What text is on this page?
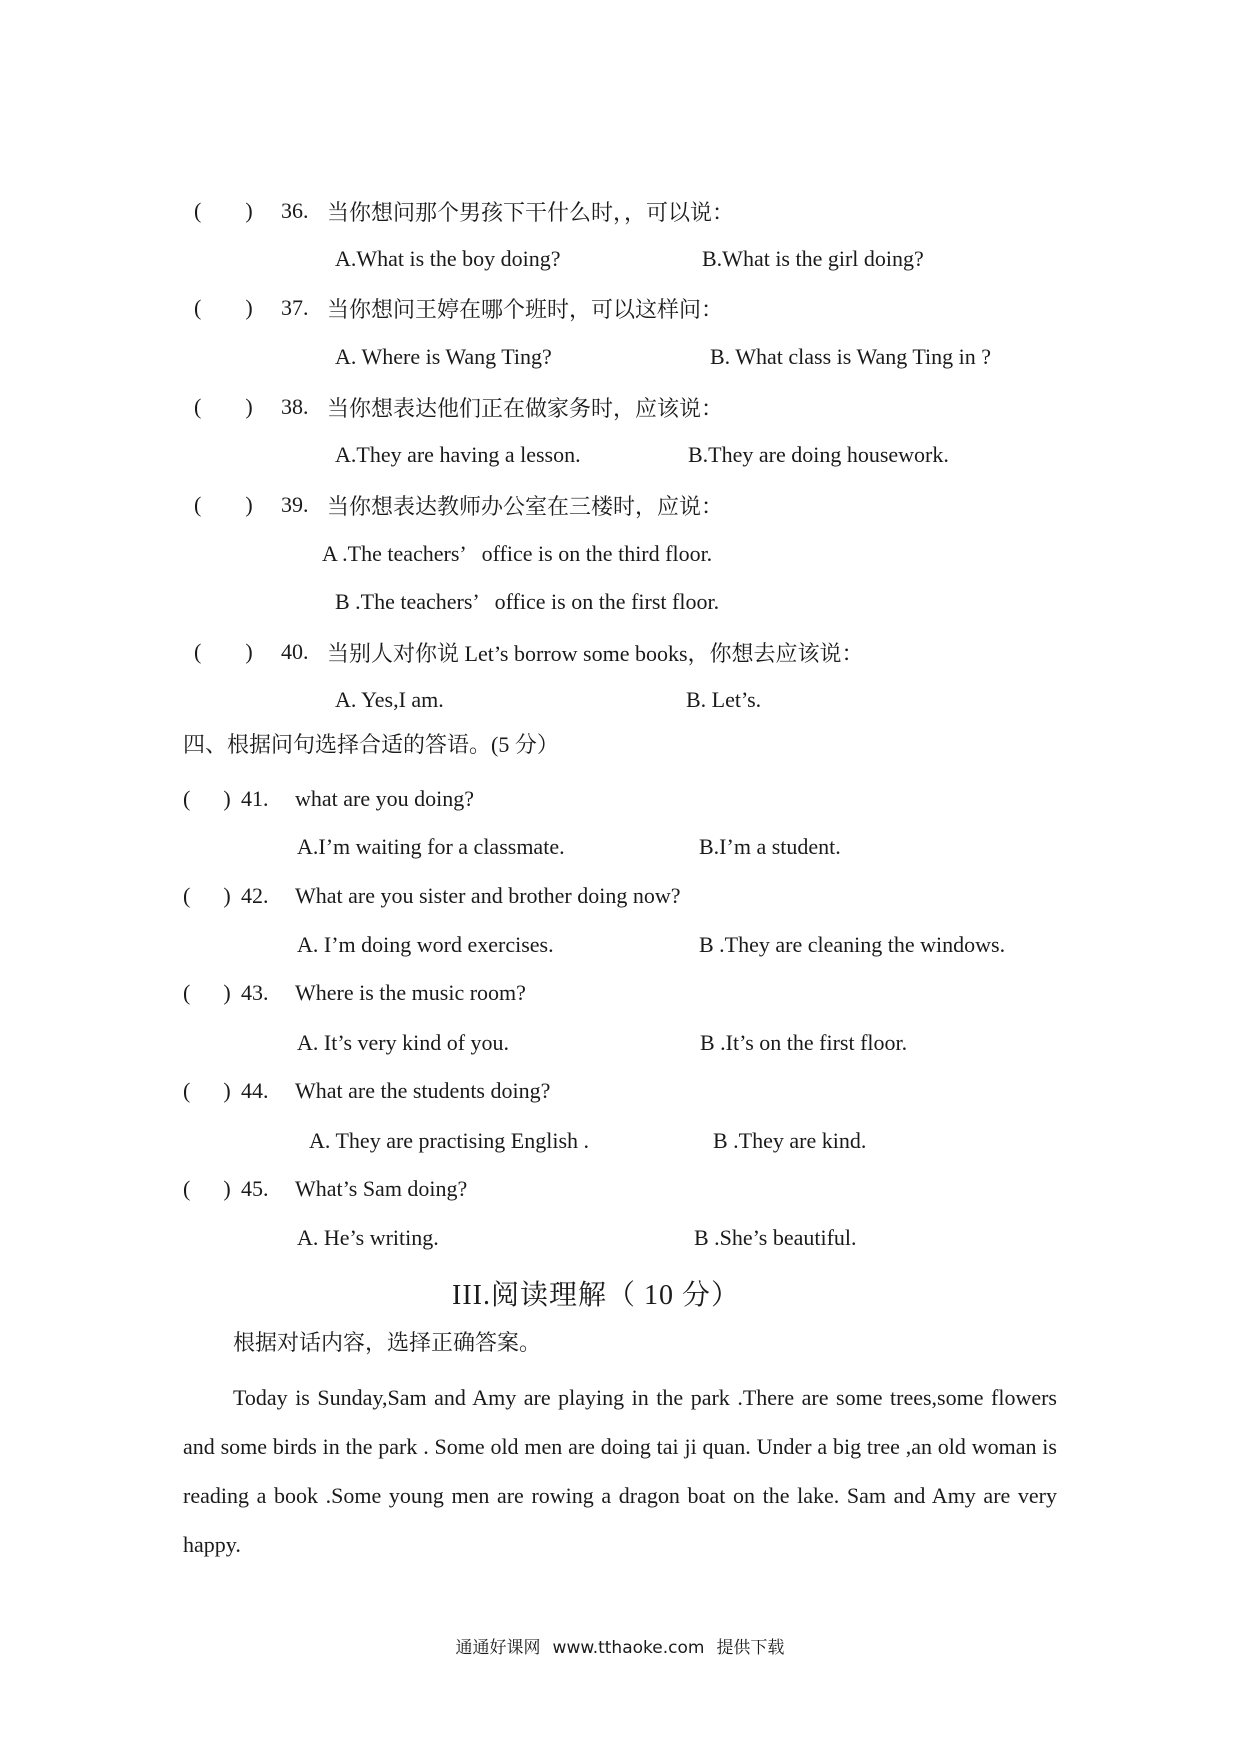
(  ) 36. 当你想问那个男孩下干什么时，，可以说：
A.What is the boy doing?	B.What is the girl doing?
(  ) 37. 当你想问王婷在哪个班时，可以这样问：
A. Where is Wang Ting?	B. What class is Wang Ting in ?
(  ) 38. 当你想表达他们正在做家务时，应该说：
A.They are having a lesson.	B.They are doing housework.
(  ) 39. 当你想表达教师办公室在三楼时，应说：
A .The teachers’   office is on the third floor.
B .The teachers’   office is on the first floor.
(  ) 40. 当别人对你说 Let’s borrow some books，你想去应该说：
A. Yes,I am.	B. Let’s.
四、根据问句选择合适的答语。(5 分）
(  ) 41. what are you doing?
A.I’m waiting for a classmate.	B.I’m a student.
(  ) 42. What are you sister and brother doing now?
A. I’m doing word exercises.	B .They are cleaning the windows.
(  ) 43. Where is the music room?
A. It’s very kind of you.	B .It’s on the first floor.
(  ) 44. What are the students doing?
A. They are practising English .	B .They are kind.
(  ) 45. What’s Sam doing?
A. He’s writing.	B .She’s beautiful.
III.阅读理解（ 10 分）
根据对话内容，选择正确答案。
Today is Sunday,Sam and Amy are playing in the park .There are some trees,some flowers and some birds in the park . Some old men are doing tai ji quan. Under a big tree ,an old woman is reading a book .Some young men are rowing a dragon boat on the lake. Sam and Amy are very happy.
通通好课网 www.tthaoke.com 提供下载
